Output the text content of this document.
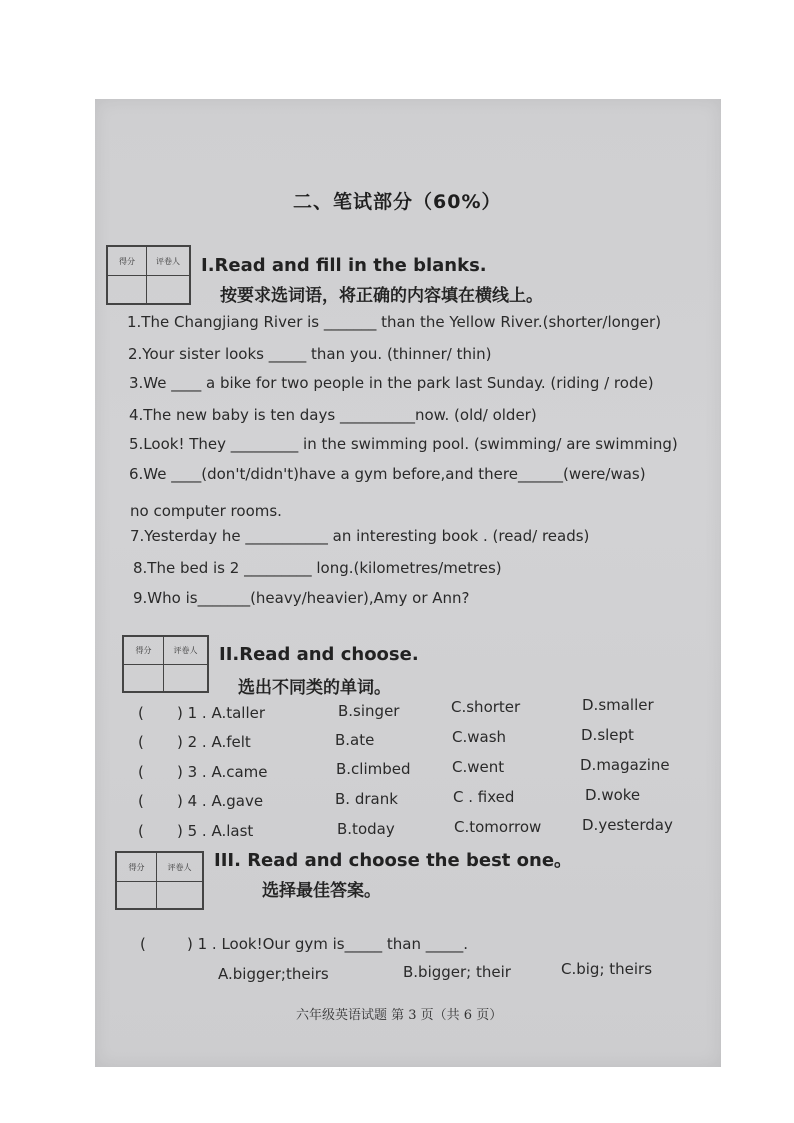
二、笔试部分（60%）
得分	评卷人	I.Read and fill in the blanks.
按要求选词语，将正确的内容填在横线上。
1.The Changjiang River is _______ than the Yellow River.(shorter/longer)
2.Your sister looks _____ than you. (thinner/ thin)
3.We ____ a bike for two people in the park last Sunday. (riding / rode)
4.The new baby is ten days __________now. (old/ older)
5.Look! They _________ in the swimming pool. (swimming/ are swimming)
6.We ____(don't/didn't)have a gym before,and there______(were/was)
no computer rooms.
7.Yesterday he ___________ an interesting book . (read/ reads)
8.The bed is 2 _________ long.(kilometres/metres)
9.Who is_______(heavy/heavier),Amy or Ann?
得分	评卷人	II.Read and choose.
选出不同类的单词。
( ) 1 . A.taller	B.singer	C.shorter	D.smaller
( ) 2 . A.felt	B.ate	C.wash	D.slept
( ) 3 . A.came	B.climbed	C.went	D.magazine
( ) 4 . A.gave	B. drank	C . fixed	D.woke
( ) 5 . A.last	B.today	C.tomorrow	D.yesterday
得分	评卷人	III. Read and choose the best one。
选择最佳答案。
(	) 1 . Look!Our gym is_____ than _____.
A.bigger;theirs	B.bigger; their	C.big; theirs
六年级英语试题 第 3 页（共 6 页）
